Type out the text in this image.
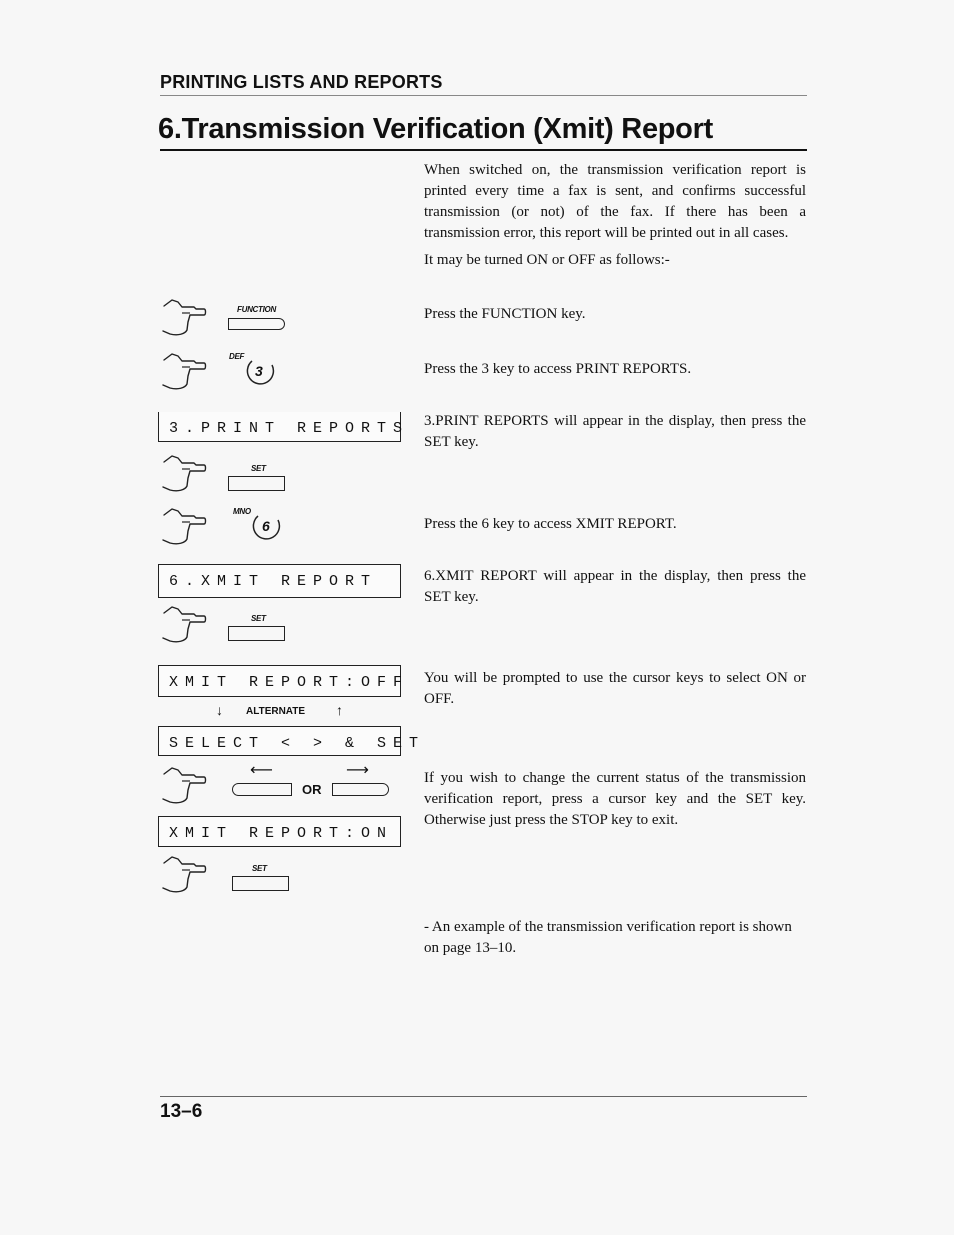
PRINTING LISTS AND REPORTS
6.Transmission Verification (Xmit) Report
When switched on, the transmission verification report is printed every time a fax is sent, and confirms successful transmission (or not) of the fax. If there has been a transmission error, this report will be printed out in all cases.
It may be turned ON or OFF as follows:-
FUNCTION	Press the FUNCTION key.
DEF
3	Press the 3 key to access PRINT REPORTS.
3.PRINT REPORTS 3.PRINT REPORTS will appear in the display, then press the SET key.
SET
MNO
6	Press the 6 key to access XMIT REPORT.
6.XMIT REPORT	6.XMIT REPORT will appear in the display, then press the SET key.
SET
XMIT REPORT:OFF
↓ ALTERNATE ↑
SELECT < > & SET
You will be prompted to use the cursor keys to select ON or OFF.
⟵
OR
⟶	If you wish to change the current status of the transmission verification report, press a cursor key and the SET key. Otherwise just press the STOP key to exit.
XMIT REPORT:ON
SET
- An example of the transmission verification report is shown on page 13–10.
13–6
